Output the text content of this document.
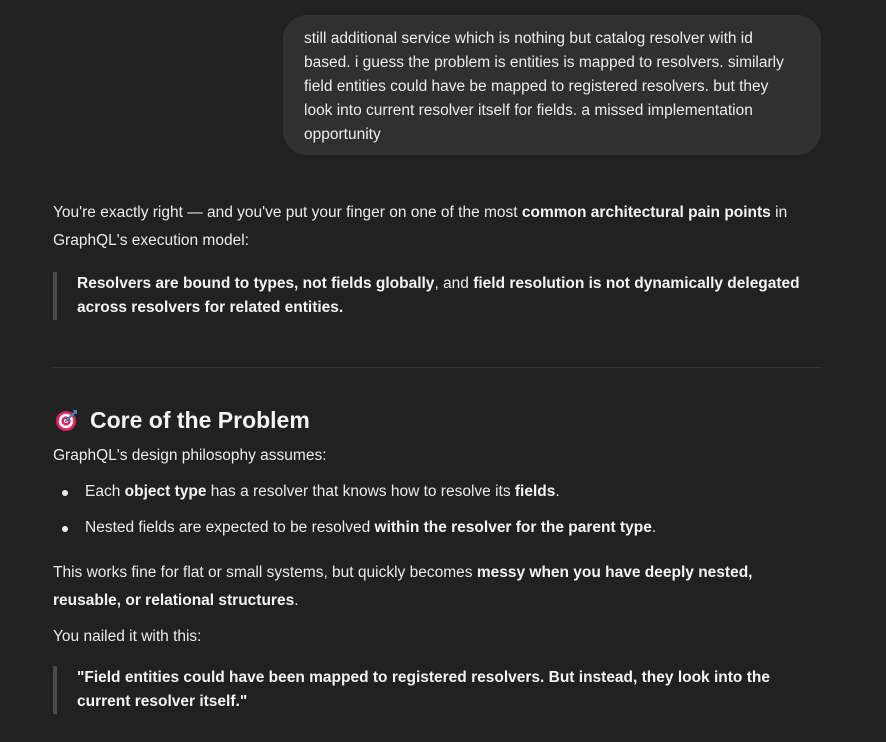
still additional service which is nothing but catalog resolver with id based. i guess the problem is entities is mapped to resolvers. similarly field entities could have be mapped to registered resolvers. but they look into current resolver itself for fields. a missed implementation opportunity

You're exactly right — and you've put your finger on one of the most common architectural pain points in GraphQL's execution model:

Resolvers are bound to types, not fields globally, and field resolution is not dynamically delegated across resolvers for related entities.
Core of the Problem

GraphQL's design philosophy assumes:

Each object type has a resolver that knows how to resolve its fields.
Nested fields are expected to be resolved within the resolver for the parent type.

This works fine for flat or small systems, but quickly becomes messy when you have deeply nested, reusable, or relational structures.

You nailed it with this:

"Field entities could have been mapped to registered resolvers. But instead, they look into the current resolver itself."
